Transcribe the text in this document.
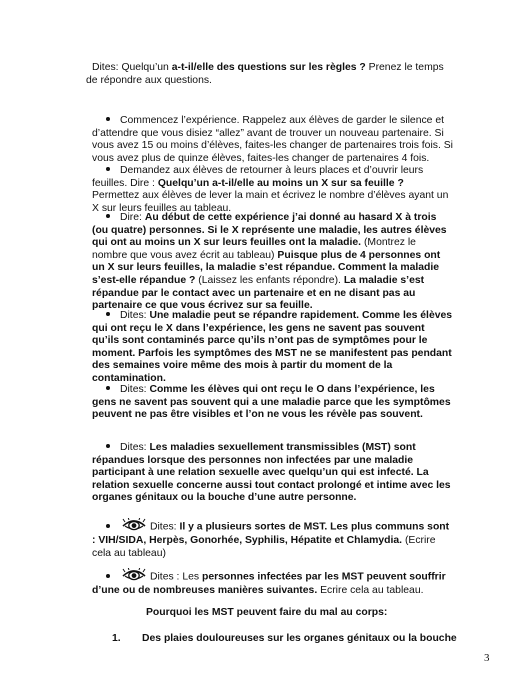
Dites: Quelqu’un a-t-il/elle des questions sur les règles ? Prenez le temps de répondre aux questions.

Commencez l’expérience. Rappelez aux élèves de garder le silence et d’attendre que vous disiez “allez” avant de trouver un nouveau partenaire. Si vous avez 15 ou moins d’élèves, faites-les changer de partenaires trois fois. Si vous avez plus de quinze élèves, faites-les changer de partenaires 4 fois.

Demandez aux élèves de retourner à leurs places et d’ouvrir leurs feuilles. Dire : Quelqu’un a-t-il/elle au moins un X sur sa feuille ? Permettez aux élèves de lever la main et écrivez le nombre d’élèves ayant un X sur leurs feuilles au tableau.

Dire: Au début de cette expérience j’ai donné au hasard X à trois (ou quatre) personnes. Si le X représente une maladie, les autres élèves qui ont au moins un X sur leurs feuilles ont la maladie. (Montrez le nombre que vous avez écrit au tableau) Puisque plus de 4 personnes ont un X sur leurs feuilles, la maladie s’est répandue. Comment la maladie s’est-elle répandue ? (Laissez les enfants répondre). La maladie s’est répandue par le contact avec un partenaire et en ne disant pas au partenaire ce que vous écrivez sur sa feuille.

Dites: Une maladie peut se répandre rapidement. Comme les élèves qui ont reçu le X dans l’expérience, les gens ne savent pas souvent qu’ils sont contaminés parce qu’ils n’ont pas de symptômes pour le moment. Parfois les symptômes des MST ne se manifestent pas pendant des semaines voire même des mois à partir du moment de la contamination.

Dites: Comme les élèves qui ont reçu le O dans l’expérience, les gens ne savent pas souvent qui a une maladie parce que les symptômes peuvent ne pas être visibles et l’on ne vous les révèle pas souvent.

Dites: Les maladies sexuellement transmissibles (MST) sont répandues lorsque des personnes non infectées par une maladie participant à une relation sexuelle avec quelqu’un qui est infecté. La relation sexuelle concerne aussi tout contact prolongé et intime avec les organes génitaux ou la bouche d’une autre personne.

Dites: Il y a plusieurs sortes de MST. Les plus communs sont : VIH/SIDA, Herpès, Gonorhée, Syphilis, Hépatite et Chlamydia. (Ecrire cela au tableau)

Dites : Les personnes infectées par les MST peuvent souffrir d’une ou de nombreuses manières suivantes. Ecrire cela au tableau.

Pourquoi les MST peuvent faire du mal au corps:

1. Des plaies douloureuses sur les organes génitaux ou la bouche
3
